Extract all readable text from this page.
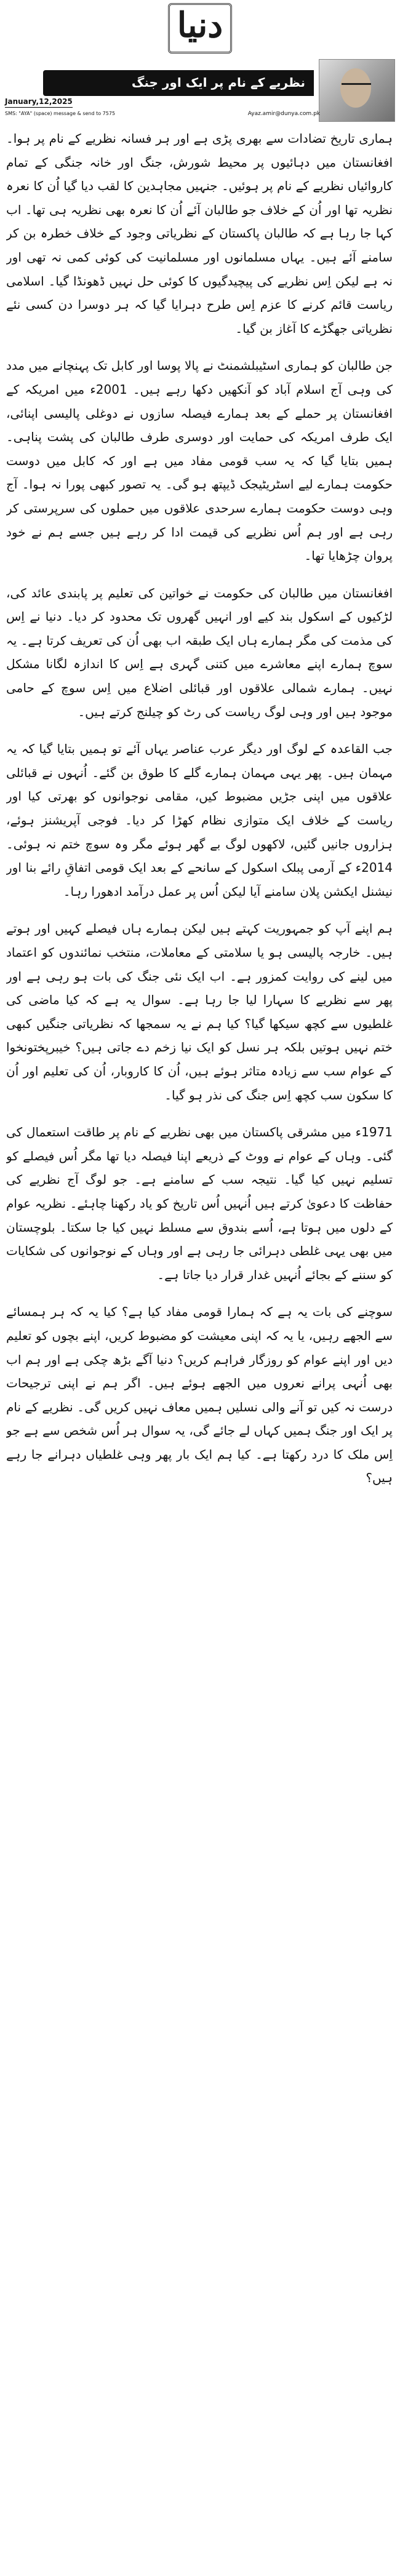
دنیا
نظریے کے نام پر ایک اور جنگ
January,12,2025
SMS: "AYA" (space) message & send to 7575	Ayaz.amir@dunya.com.pk

ہماری تاریخ تضادات سے بھری پڑی ہے اور ہر فسانہ نظریے کے نام پر ہوا۔ افغانستان میں دہائیوں پر محیط شورش، جنگ اور خانہ جنگی کے تمام کاروائیاں نظریے کے نام پر ہوئیں۔ جنہیں مجاہدین کا لقب دیا گیا اُن کا نعرہ نظریہ تھا اور اُن کے خلاف جو طالبان آئے اُن کا نعرہ بھی نظریہ ہی تھا۔ اب کہا جا رہا ہے کہ طالبان پاکستان کے نظریاتی وجود کے خلاف خطرہ بن کر سامنے آئے ہیں۔ یہاں مسلمانوں اور مسلمانیت کی کوئی کمی نہ تھی اور نہ ہے لیکن اِس نظریے کی پیچیدگیوں کا کوئی حل نہیں ڈھونڈا گیا۔ اسلامی ریاست قائم کرنے کا عزم اِس طرح دہرایا گیا کہ ہر دوسرا دن کسی نئے نظریاتی جھگڑے کا آغاز بن گیا۔

جن طالبان کو ہماری اسٹیبلشمنٹ نے پالا پوسا اور کابل تک پہنچانے میں مدد کی وہی آج اسلام آباد کو آنکھیں دکھا رہے ہیں۔ 2001ء میں امریکہ کے افغانستان پر حملے کے بعد ہمارے فیصلہ سازوں نے دوغلی پالیسی اپنائی، ایک طرف امریکہ کی حمایت اور دوسری طرف طالبان کی پشت پناہی۔ ہمیں بتایا گیا کہ یہ سب قومی مفاد میں ہے اور کہ کابل میں دوست حکومت ہمارے لیے اسٹریٹیجک ڈیپتھ ہو گی۔ یہ تصور کبھی پورا نہ ہوا۔ آج وہی دوست حکومت ہمارے سرحدی علاقوں میں حملوں کی سرپرستی کر رہی ہے اور ہم اُس نظریے کی قیمت ادا کر رہے ہیں جسے ہم نے خود پروان چڑھایا تھا۔

افغانستان میں طالبان کی حکومت نے خواتین کی تعلیم پر پابندی عائد کی، لڑکیوں کے اسکول بند کیے اور انہیں گھروں تک محدود کر دیا۔ دنیا نے اِس کی مذمت کی مگر ہمارے ہاں ایک طبقہ اب بھی اُن کی تعریف کرتا ہے۔ یہ سوچ ہمارے اپنے معاشرے میں کتنی گہری ہے اِس کا اندازہ لگانا مشکل نہیں۔ ہمارے شمالی علاقوں اور قبائلی اضلاع میں اِس سوچ کے حامی موجود ہیں اور وہی لوگ ریاست کی رٹ کو چیلنج کرتے ہیں۔

جب القاعدہ کے لوگ اور دیگر عرب عناصر یہاں آئے تو ہمیں بتایا گیا کہ یہ مہمان ہیں۔ پھر یہی مہمان ہمارے گلے کا طوق بن گئے۔ اُنہوں نے قبائلی علاقوں میں اپنی جڑیں مضبوط کیں، مقامی نوجوانوں کو بھرتی کیا اور ریاست کے خلاف ایک متوازی نظام کھڑا کر دیا۔ فوجی آپریشنز ہوئے، ہزاروں جانیں گئیں، لاکھوں لوگ بے گھر ہوئے مگر وہ سوچ ختم نہ ہوئی۔ 2014ء کے آرمی پبلک اسکول کے سانحے کے بعد ایک قومی اتفاقِ رائے بنا اور نیشنل ایکشن پلان سامنے آیا لیکن اُس پر عمل درآمد ادھورا رہا۔

ہم اپنے آپ کو جمہوریت کہتے ہیں لیکن ہمارے ہاں فیصلے کہیں اور ہوتے ہیں۔ خارجہ پالیسی ہو یا سلامتی کے معاملات، منتخب نمائندوں کو اعتماد میں لینے کی روایت کمزور ہے۔ اب ایک نئی جنگ کی بات ہو رہی ہے اور پھر سے نظریے کا سہارا لیا جا رہا ہے۔ سوال یہ ہے کہ کیا ماضی کی غلطیوں سے کچھ سیکھا گیا؟ کیا ہم نے یہ سمجھا کہ نظریاتی جنگیں کبھی ختم نہیں ہوتیں بلکہ ہر نسل کو ایک نیا زخم دے جاتی ہیں؟ خیبرپختونخوا کے عوام سب سے زیادہ متاثر ہوئے ہیں، اُن کا کاروبار، اُن کی تعلیم اور اُن کا سکون سب کچھ اِس جنگ کی نذر ہو گیا۔

1971ء میں مشرقی پاکستان میں بھی نظریے کے نام پر طاقت استعمال کی گئی۔ وہاں کے عوام نے ووٹ کے ذریعے اپنا فیصلہ دیا تھا مگر اُس فیصلے کو تسلیم نہیں کیا گیا۔ نتیجہ سب کے سامنے ہے۔ جو لوگ آج نظریے کی حفاظت کا دعویٰ کرتے ہیں اُنہیں اُس تاریخ کو یاد رکھنا چاہئے۔ نظریہ عوام کے دلوں میں ہوتا ہے، اُسے بندوق سے مسلط نہیں کیا جا سکتا۔ بلوچستان میں بھی یہی غلطی دہرائی جا رہی ہے اور وہاں کے نوجوانوں کی شکایات کو سننے کے بجائے اُنہیں غدار قرار دیا جاتا ہے۔

سوچنے کی بات یہ ہے کہ ہمارا قومی مفاد کیا ہے؟ کیا یہ کہ ہر ہمسائے سے الجھے رہیں، یا یہ کہ اپنی معیشت کو مضبوط کریں، اپنے بچوں کو تعلیم دیں اور اپنے عوام کو روزگار فراہم کریں؟ دنیا آگے بڑھ چکی ہے اور ہم اب بھی اُنہی پرانے نعروں میں الجھے ہوئے ہیں۔ اگر ہم نے اپنی ترجیحات درست نہ کیں تو آنے والی نسلیں ہمیں معاف نہیں کریں گی۔ نظریے کے نام پر ایک اور جنگ ہمیں کہاں لے جائے گی، یہ سوال ہر اُس شخص سے ہے جو اِس ملک کا درد رکھتا ہے۔ کیا ہم ایک بار پھر وہی غلطیاں دہرانے جا رہے ہیں؟
